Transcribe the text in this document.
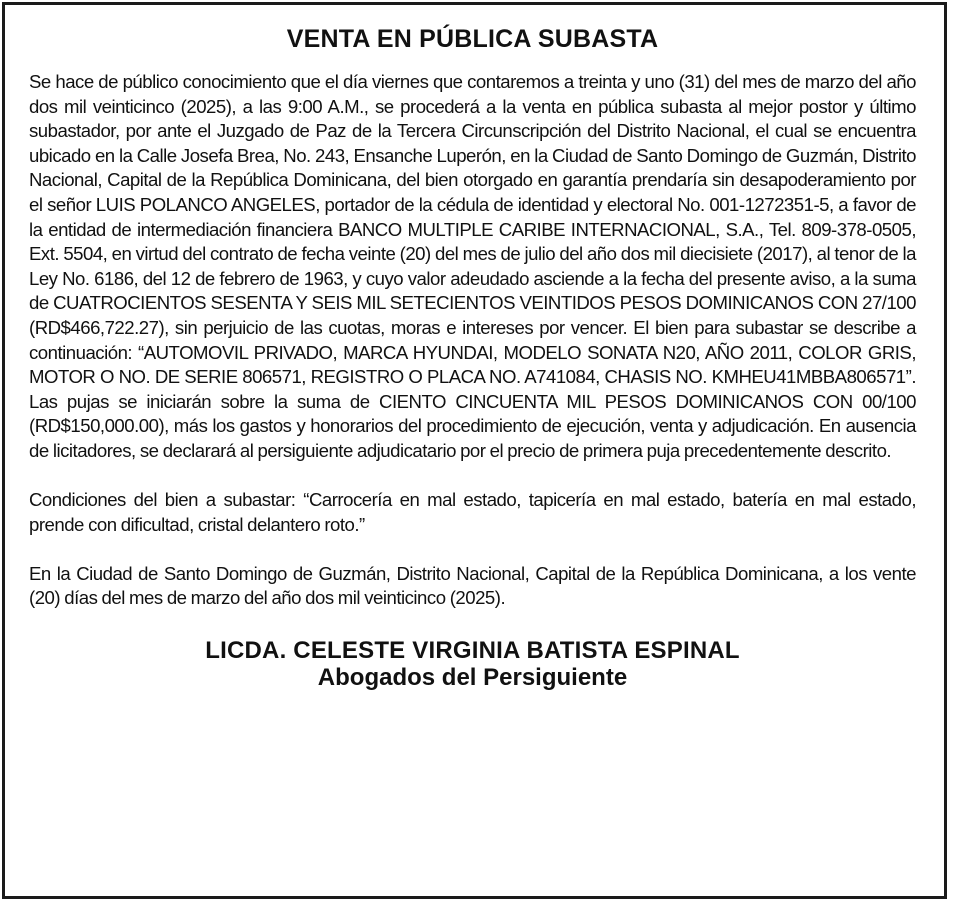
VENTA EN PÚBLICA SUBASTA

Se hace de público conocimiento que el día viernes que contaremos a treinta y uno (31) del mes de marzo del año dos mil veinticinco (2025), a las 9:00 A.M., se procederá a la venta en pública subasta al mejor postor y último subastador, por ante el Juzgado de Paz de la Tercera Circunscripción del Distrito Nacional, el cual se encuentra ubicado en la Calle Josefa Brea, No. 243, Ensanche Luperón, en la Ciudad de Santo Domingo de Guzmán, Distrito Nacional, Capital de la República Dominicana, del bien otorgado en garantía prendaría sin desapoderamiento por el señor LUIS POLANCO ANGELES, portador de la cédula de identidad y electoral No. 001-1272351-5, a favor de la entidad de intermediación financiera BANCO MULTIPLE CARIBE INTERNACIONAL, S.A., Tel. 809-378-0505, Ext. 5504, en virtud del contrato de fecha veinte (20) del mes de julio del año dos mil diecisiete (2017), al tenor de la Ley No. 6186, del 12 de febrero de 1963, y cuyo valor adeudado asciende a la fecha del presente aviso, a la suma de CUATROCIENTOS SESENTA Y SEIS MIL SETECIENTOS VEINTIDOS PESOS DOMINICANOS CON 27/100 (RD$466,722.27), sin perjuicio de las cuotas, moras e intereses por vencer. El bien para subastar se describe a continuación: “AUTOMOVIL PRIVADO, MARCA HYUNDAI, MODELO SONATA N20, AÑO 2011, COLOR GRIS, MOTOR O NO. DE SERIE 806571, REGISTRO O PLACA NO. A741084, CHASIS NO. KMHEU41MBBA806571”. Las pujas se iniciarán sobre la suma de CIENTO CINCUENTA MIL PESOS DOMINICANOS CON 00/100 (RD$150,000.00), más los gastos y honorarios del procedimiento de ejecución, venta y adjudicación. En ausencia de licitadores, se declarará al persiguiente adjudicatario por el precio de primera puja precedentemente descrito.

Condiciones del bien a subastar: “Carrocería en mal estado, tapicería en mal estado, batería en mal estado, prende con dificultad, cristal delantero roto.”

En la Ciudad de Santo Domingo de Guzmán, Distrito Nacional, Capital de la República Dominicana, a los vente (20) días del mes de marzo del año dos mil veinticinco (2025).

LICDA. CELESTE VIRGINIA BATISTA ESPINAL
Abogados del Persiguiente
